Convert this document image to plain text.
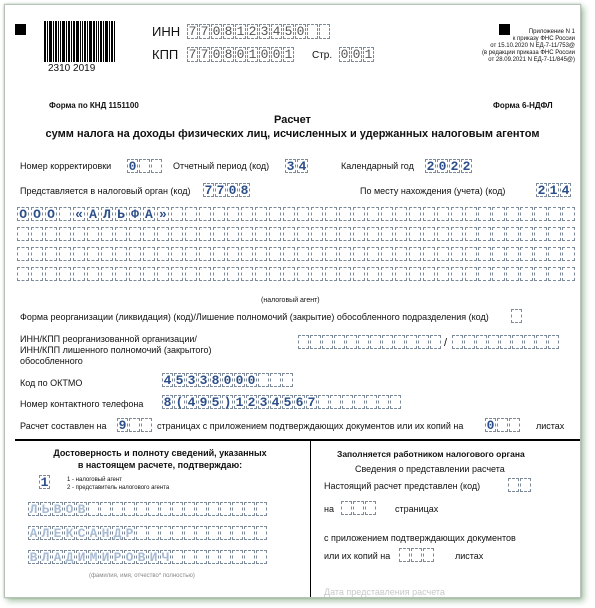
2310 2019
ИНН 7 7 0 8 1 2 3 4 5 0
КПП 7 7 0 8 0 1 0 0 1 Стр. 0 0 1
Приложение N 1
к приказу ФНС России
от 15.10.2020 N ЕД-7-11/753@
(в редакции приказа ФНС России
от 28.09.2021 N ЕД-7-11/845@)
Форма по КНД 1151100	Форма 6-НДФЛ
Расчет
сумм налога на доходы физических лиц, исчисленных и удержанных налоговым агентом
Номер корректировки 0	Отчетный период (код) 3 4	Календарный год 2 0 2 2
Представляется в налоговый орган (код) 7 7 0 8	По месту нахождения (учета) (код) 2 1 4
О О О « А Л Ь Ф А »
(налоговый агент)
Форма реорганизации (ликвидация) (код)/Лишение полномочий (закрытие) обособленного подразделения (код)
ИНН/КПП реорганизованной организации/
ИНН/КПП лишенного полномочий (закрытого)
обособленного
/
Код по ОКТМО	4 5 3 3 8 0 0 0
Номер контактного телефона	8 ( 4 9 5 ) 1 2 3 4 5 6 7
Расчет составлен на 9	страницах с приложением подтверждающих документов или их копий на	0	листах
Достоверность и полноту сведений, указанных
в настоящем расчете, подтверждаю:
1	1 - налоговый агент
2 - представитель налогового агента
Л Ь В О В
А Л Е К С А Н Д Р
В Л А Д И М И Р О В И Ч
(фамилия, имя, отчество* полностью)
Заполняется работником налогового органа
Сведения о представлении расчета
Настоящий расчет представлен (код)
на	страницах
с приложением подтверждающих документов
или их копий на	листах
Дата представления расчета
